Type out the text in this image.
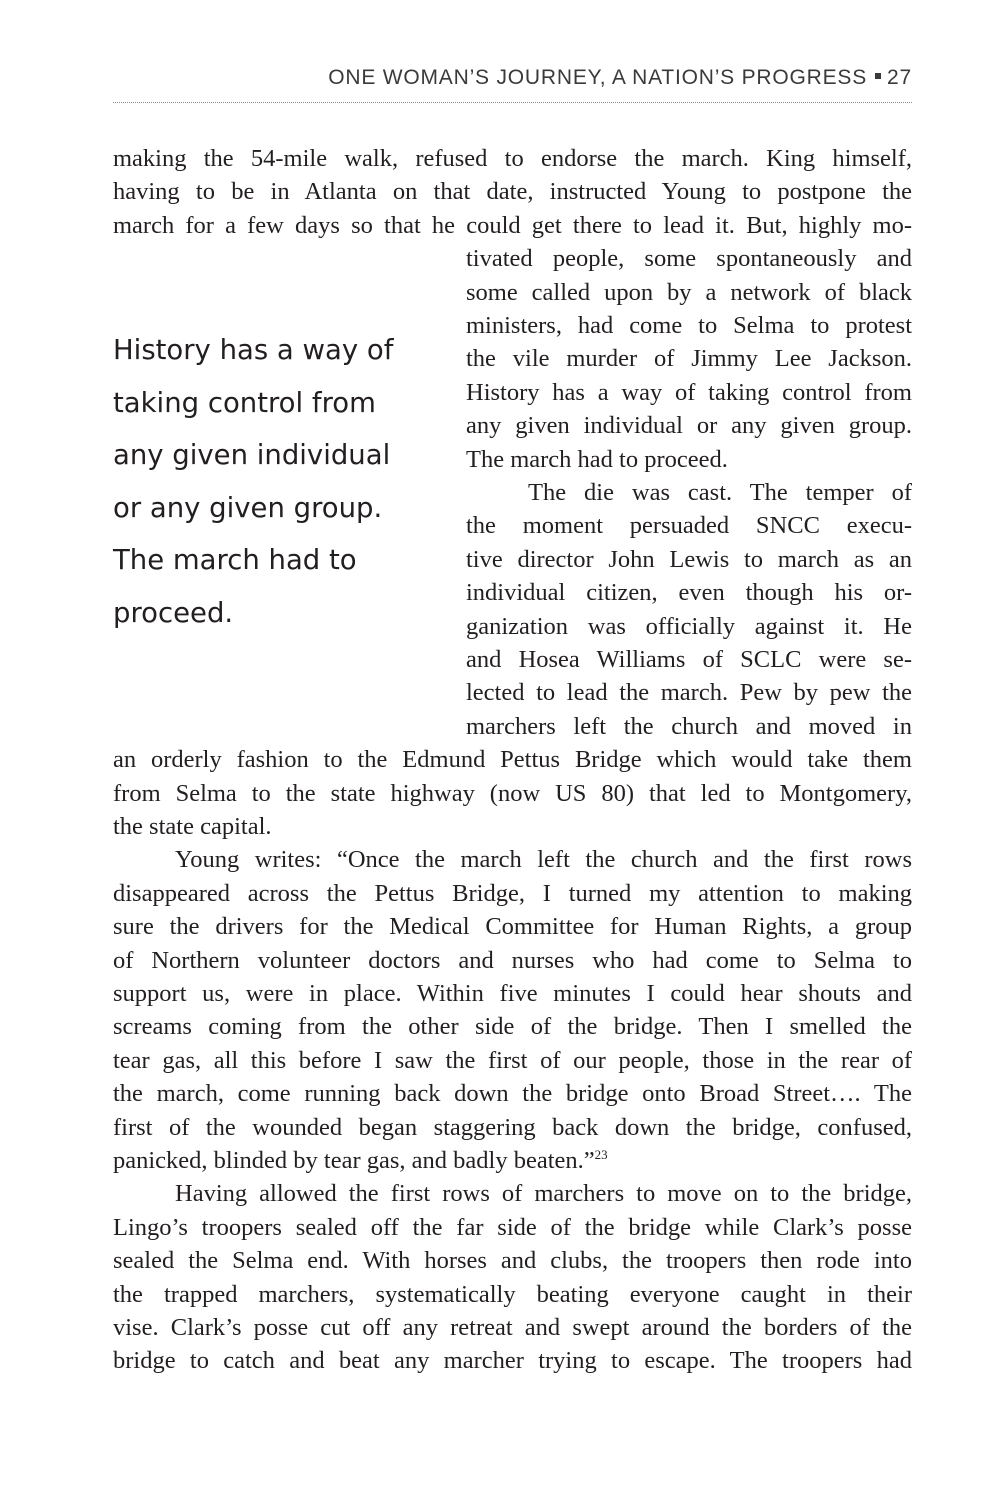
ONE WOMAN’S JOURNEY, A NATION’S PROGRESS 27
History has a way of
taking control from
any given individual
or any given group.
The march had to
proceed.
making the 54-mile walk, refused to endorse the march. King himself,
having to be in Atlanta on that date, instructed Young to postpone the
march for a few days so that he could get there to lead it. But, highly mo-
tivated people, some spontaneously and
some called upon by a network of black
ministers, had come to Selma to protest
the vile murder of Jimmy Lee Jackson.
History has a way of taking control from
any given individual or any given group.
The march had to proceed.
The die was cast. The temper of
the moment persuaded SNCC execu-
tive director John Lewis to march as an
individual citizen, even though his or-
ganization was officially against it. He
and Hosea Williams of SCLC were se-
lected to lead the march. Pew by pew the
marchers left the church and moved in
an orderly fashion to the Edmund Pettus Bridge which would take them
from Selma to the state highway (now US 80) that led to Montgomery,
the state capital.
Young writes: “Once the march left the church and the first rows
disappeared across the Pettus Bridge, I turned my attention to making
sure the drivers for the Medical Committee for Human Rights, a group
of Northern volunteer doctors and nurses who had come to Selma to
support us, were in place. Within five minutes I could hear shouts and
screams coming from the other side of the bridge. Then I smelled the
tear gas, all this before I saw the first of our people, those in the rear of
the march, come running back down the bridge onto Broad Street…. The
first of the wounded began staggering back down the bridge, confused,
panicked, blinded by tear gas, and badly beaten.”$^{23}$
Having allowed the first rows of marchers to move on to the bridge,
Lingo’s troopers sealed off the far side of the bridge while Clark’s posse
sealed the Selma end. With horses and clubs, the troopers then rode into
the trapped marchers, systematically beating everyone caught in their
vise. Clark’s posse cut off any retreat and swept around the borders of the
bridge to catch and beat any marcher trying to escape. The troopers had
